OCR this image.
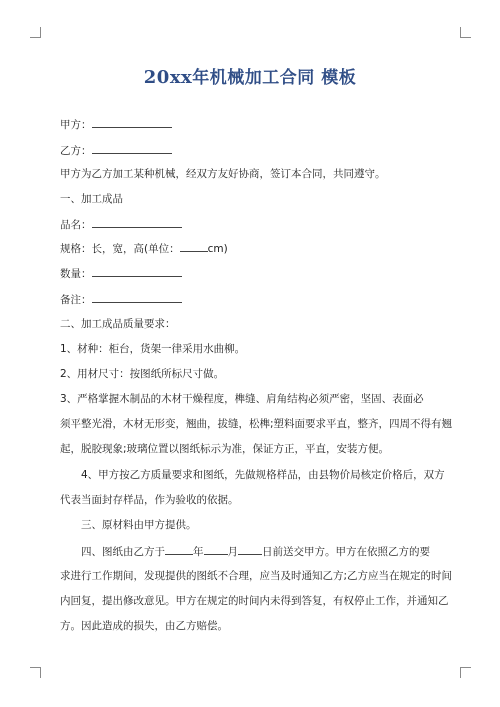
20xx年机械加工合同 模板

甲方：

乙方：

甲方为乙方加工某种机械，经双方友好协商，签订本合同，共同遵守。

一、加工成品

品名：

规格：长，宽，高(单位：	cm)

数量：

备注：

二、加工成品质量要求：

1、材种：柜台，货架一律采用水曲柳。

2、用材尺寸：按图纸所标尺寸做。

3、严格掌握木制品的木材干燥程度，榫缝、肩角结构必须严密，坚固、表面必

须平整光滑，木材无形变，翘曲，拔缝，松榫;塑料面要求平直，整齐，四周不得有翘

起，脱胶现象;玻璃位置以图纸标示为准，保证方正，平直，安装方便。

4、甲方按乙方质量要求和图纸，先做规格样品，由县物价局核定价格后，双方

代表当面封存样品，作为验收的依据。

三、原材料由甲方提供。

四、图纸由乙方于	年 月 日前送交甲方。甲方在依照乙方的要

求进行工作期间，发现提供的图纸不合理，应当及时通知乙方;乙方应当在规定的时间

内回复，提出修改意见。甲方在规定的时间内未得到答复，有权停止工作，并通知乙

方。因此造成的损失，由乙方赔偿。
